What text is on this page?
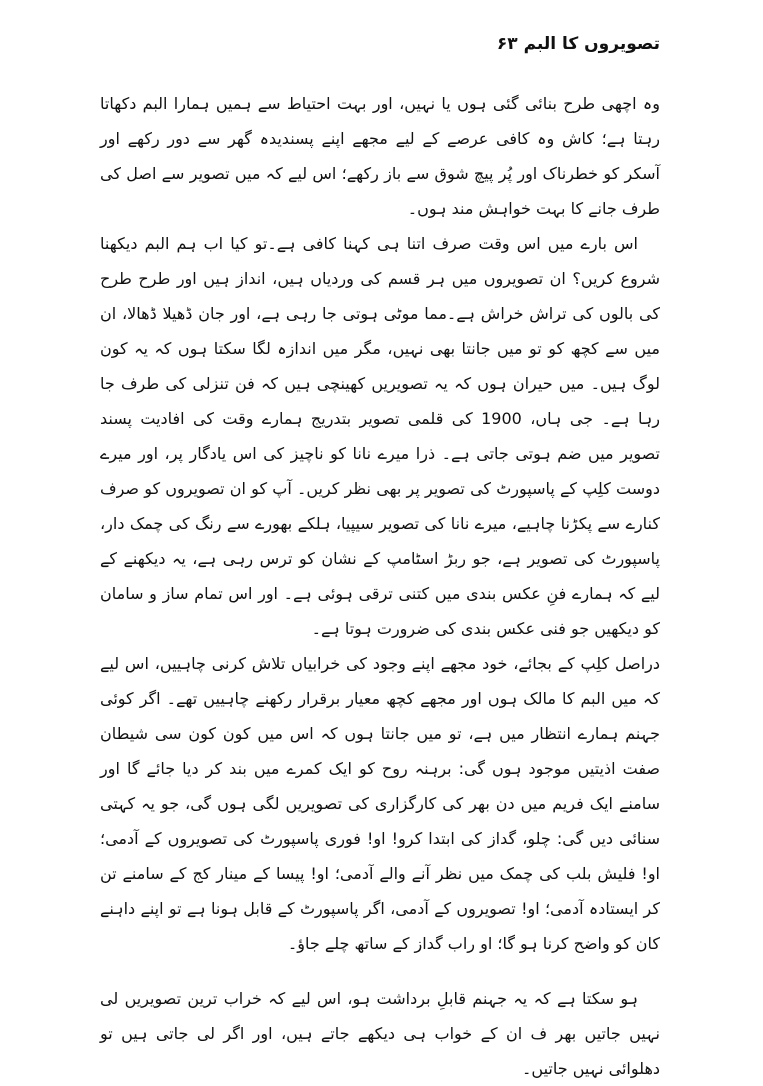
تصویروں کا البم ۶۳

وہ اچھی طرح بنائی گئی ہوں یا نہیں، اور بہت احتیاط سے ہمیں ہمارا البم دکھاتا رہتا ہے؛ کاش وہ کافی عرصے کے لیے مجھے اپنے پسندیدہ گھر سے دور رکھے اور آسکر کو خطرناک اور پُر پیچ شوق سے باز رکھے؛ اس لیے کہ میں تصویر سے اصل کی طرف جانے کا بہت خواہش مند ہوں۔

اس بارے میں اس وقت صرف اتنا ہی کہنا کافی ہے۔تو کیا اب ہم البم دیکھنا شروع کریں؟ ان تصویروں میں ہر قسم کی وردیاں ہیں، انداز ہیں اور طرح طرح کی بالوں کی تراش خراش ہے۔مما موٹی ہوتی جا رہی ہے، اور جان ڈھیلا ڈھالا، ان میں سے کچھ کو تو میں جانتا بھی نہیں، مگر میں اندازہ لگا سکتا ہوں کہ یہ کون لوگ ہیں۔ میں حیران ہوں کہ یہ تصویریں کھینچی ہیں کہ فن تنزلی کی طرف جا رہا ہے۔ جی ہاں، 1900 کی قلمی تصویر بتدریج ہمارے وقت کی افادیت پسند تصویر میں ضم ہوتی جاتی ہے۔ ذرا میرے نانا کو ناچیز کی اس یادگار پر، اور میرے دوست کلِپ کے پاسپورٹ کی تصویر پر بھی نظر کریں۔ آپ کو ان تصویروں کو صرف کنارے سے پکڑنا چاہیے، میرے نانا کی تصویر سیپیا، ہلکے بھورے سے رنگ کی چمک دار، پاسپورٹ کی تصویر ہے، جو ربڑ اسٹامپ کے نشان کو ترس رہی ہے، یہ دیکھنے کے لیے کہ ہمارے فنِ عکس بندی میں کتنی ترقی ہوئی ہے۔ اور اس تمام ساز و سامان کو دیکھیں جو فنی عکس بندی کی ضرورت ہوتا ہے۔

دراصل کلِپ کے بجائے، خود مجھے اپنے وجود کی خرابیاں تلاش کرنی چاہییں، اس لیے کہ میں البم کا مالک ہوں اور مجھے کچھ معیار برقرار رکھنے چاہییں تھے۔ اگر کوئی جہنم ہمارے انتظار میں ہے، تو میں جانتا ہوں کہ اس میں کون کون سی شیطان صفت اذیتیں موجود ہوں گی: برہنہ روح کو ایک کمرے میں بند کر دیا جائے گا اور سامنے ایک فریم میں دن بھر کی کارگزاری کی تصویریں لگی ہوں گی، جو یہ کہتی سنائی دیں گی: چلو، گداز کی ابتدا کرو! او! فوری پاسپورٹ کی تصویروں کے آدمی؛ او! فلیش بلب کی چمک میں نظر آنے والے آدمی؛ او! پیسا کے مینار کج کے سامنے تن کر ایستادہ آدمی؛ او! تصویروں کے آدمی، اگر پاسپورٹ کے قابل ہونا ہے تو اپنے داہنے کان کو واضح کرنا ہو گا؛ او راب گداز کے ساتھ چلے جاؤ۔

ہو سکتا ہے کہ یہ جہنم قابلِ برداشت ہو، اس لیے کہ خراب ترین تصویریں لی نہیں جاتیں بھر ف ان کے خواب ہی دیکھے جاتے ہیں، اور اگر لی جاتی ہیں تو دھلوائی نہیں جاتیں۔
